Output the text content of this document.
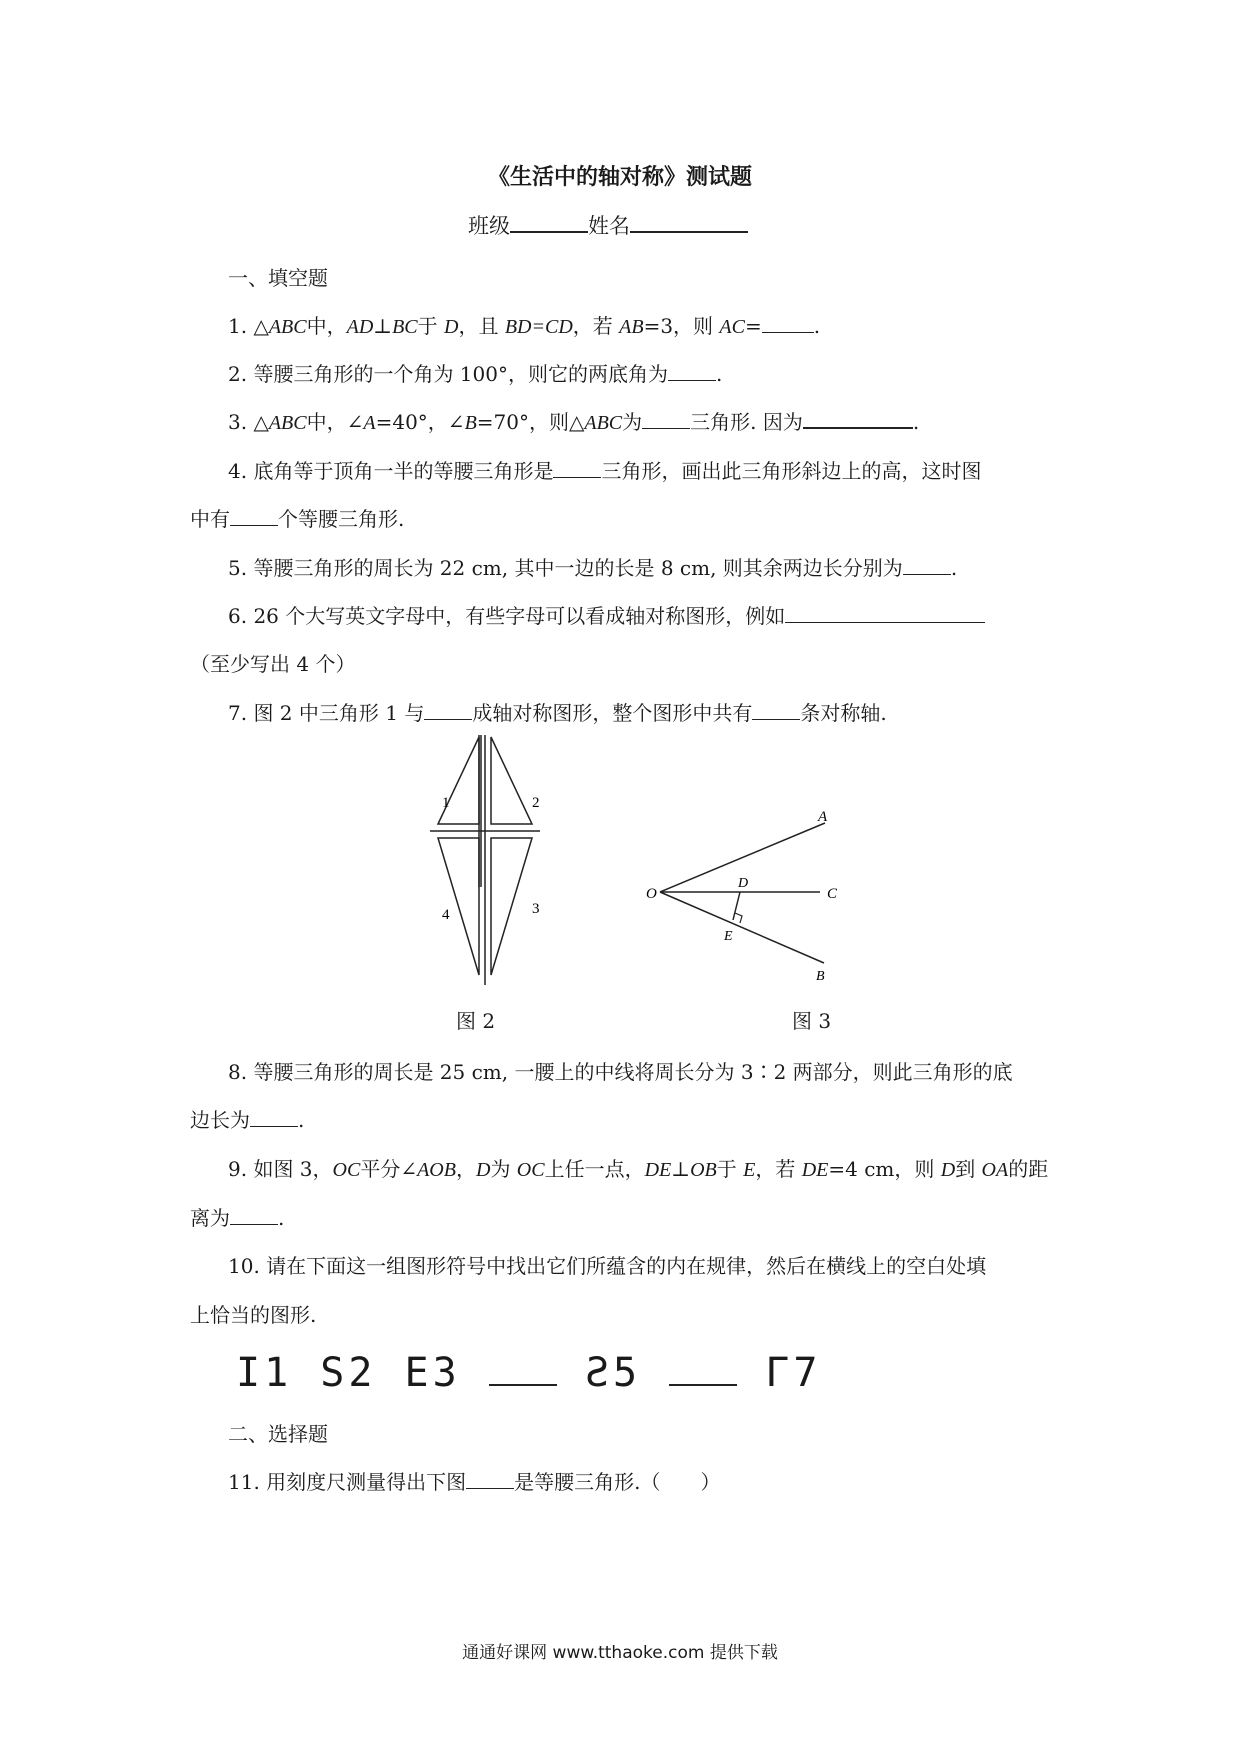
《生活中的轴对称》测试题
班级	姓名
一、填空题
1. △ABC中，AD⊥BC于 D，且 BD=CD，若 AB=3，则 AC=	.
2. 等腰三角形的一个角为 100°，则它的两底角为 .
3. △ABC中，∠A=40°，∠B=70°，则△ABC为 三角形. 因为	.
4. 底角等于顶角一半的等腰三角形是 三角形，画出此三角形斜边上的高，这时图
中有 个等腰三角形.
5. 等腰三角形的周长为 22 cm, 其中一边的长是 8 cm, 则其余两边长分别为 .
6. 26 个大写英文字母中，有些字母可以看成轴对称图形，例如
（至少写出 4 个）
7. 图 2 中三角形 1 与 成轴对称图形，整个图形中共有 条对称轴.
1	2
3
4
A
C
O
D
E
B
图 2	图 3
8. 等腰三角形的周长是 25 cm, 一腰上的中线将周长分为 3∶2 两部分，则此三角形的底
边长为 .
9. 如图 3，OC平分∠AOB，D为 OC上任一点，DE⊥OB于 E，若 DE=4 cm，则 D到 OA的距
离为 .
10. 请在下面这一组图形符号中找出它们所蕴含的内在规律，然后在横线上的空白处填
上恰当的图形.
I1 S2 E3	Ƨ5	Γ7
二、选择题
11. 用刻度尺测量得出下图 是等腰三角形.（　　）
通通好课网 www.tthaoke.com 提供下载
